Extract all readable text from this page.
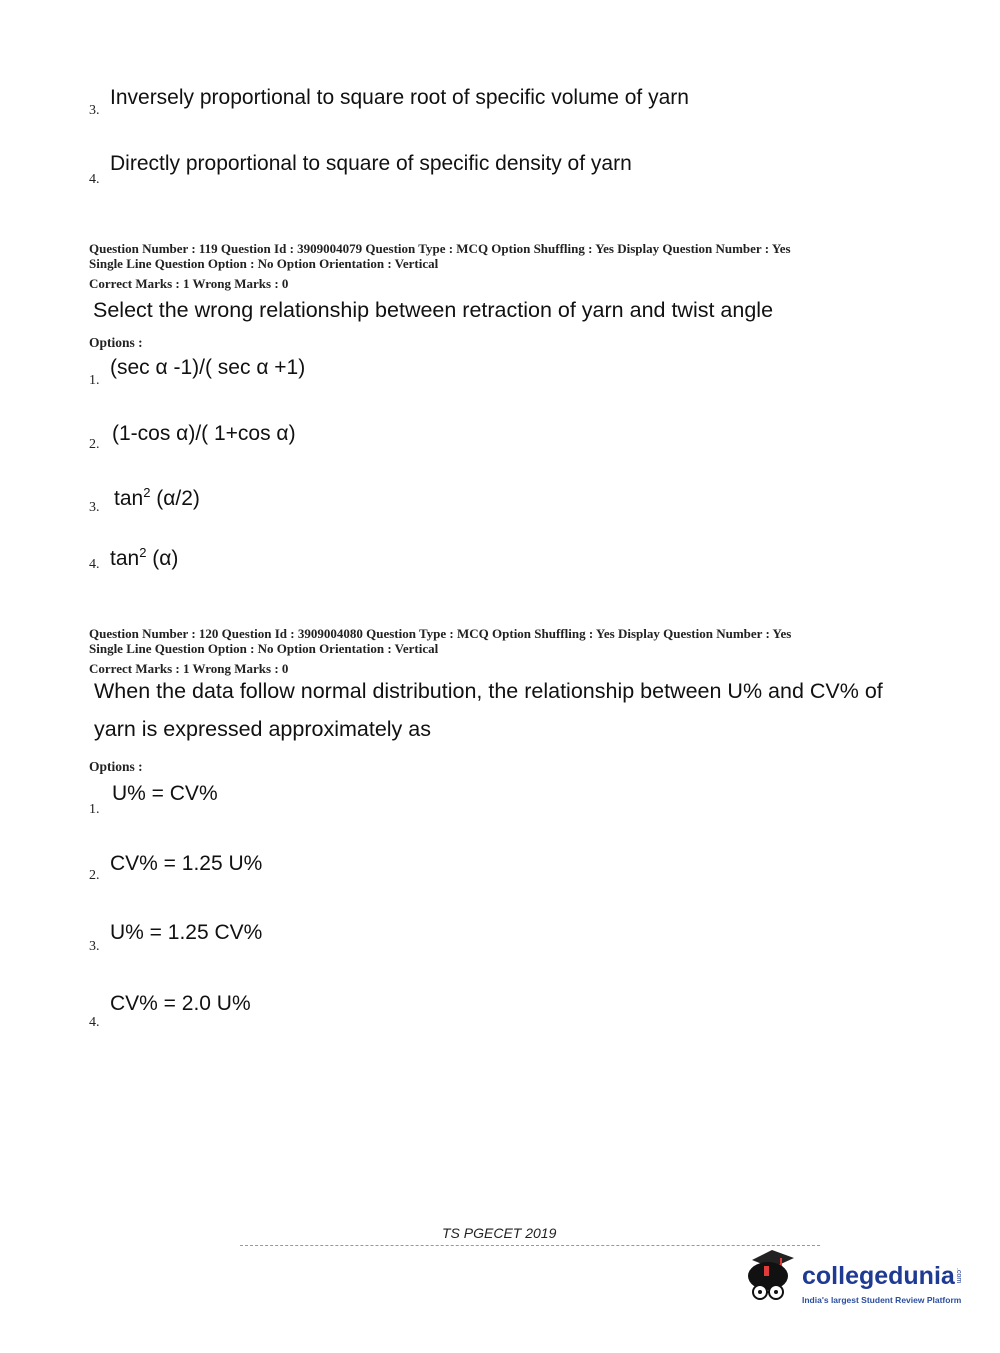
3.
Inversely proportional to square root of specific volume of yarn
4.
Directly proportional to square of specific density of yarn
Question Number : 119 Question Id : 3909004079 Question Type : MCQ Option Shuffling : Yes Display Question Number : Yes
Single Line Question Option : No Option Orientation : Vertical
Correct Marks : 1 Wrong Marks : 0
Select the wrong relationship between retraction of yarn and twist angle
Options :
1.
(sec α -1)/( sec α +1)
2. (1-cos α)/( 1+cos α)
3. $\tan^2 (\alpha/2)$
4. $\tan^2 (\alpha)$
Question Number : 120 Question Id : 3909004080 Question Type : MCQ Option Shuffling : Yes Display Question Number : Yes
Single Line Question Option : No Option Orientation : Vertical
Correct Marks : 1 Wrong Marks : 0
When the data follow normal distribution, the relationship between U% and CV% of
yarn is expressed approximately as
Options :
1.
U% = CV%
2.
CV% = 1.25 U%
3.
U% = 1.25 CV%
4.
CV% = 2.0 U%
TS PGECET 2019
collegedunia .com
India's largest Student Review Platform
